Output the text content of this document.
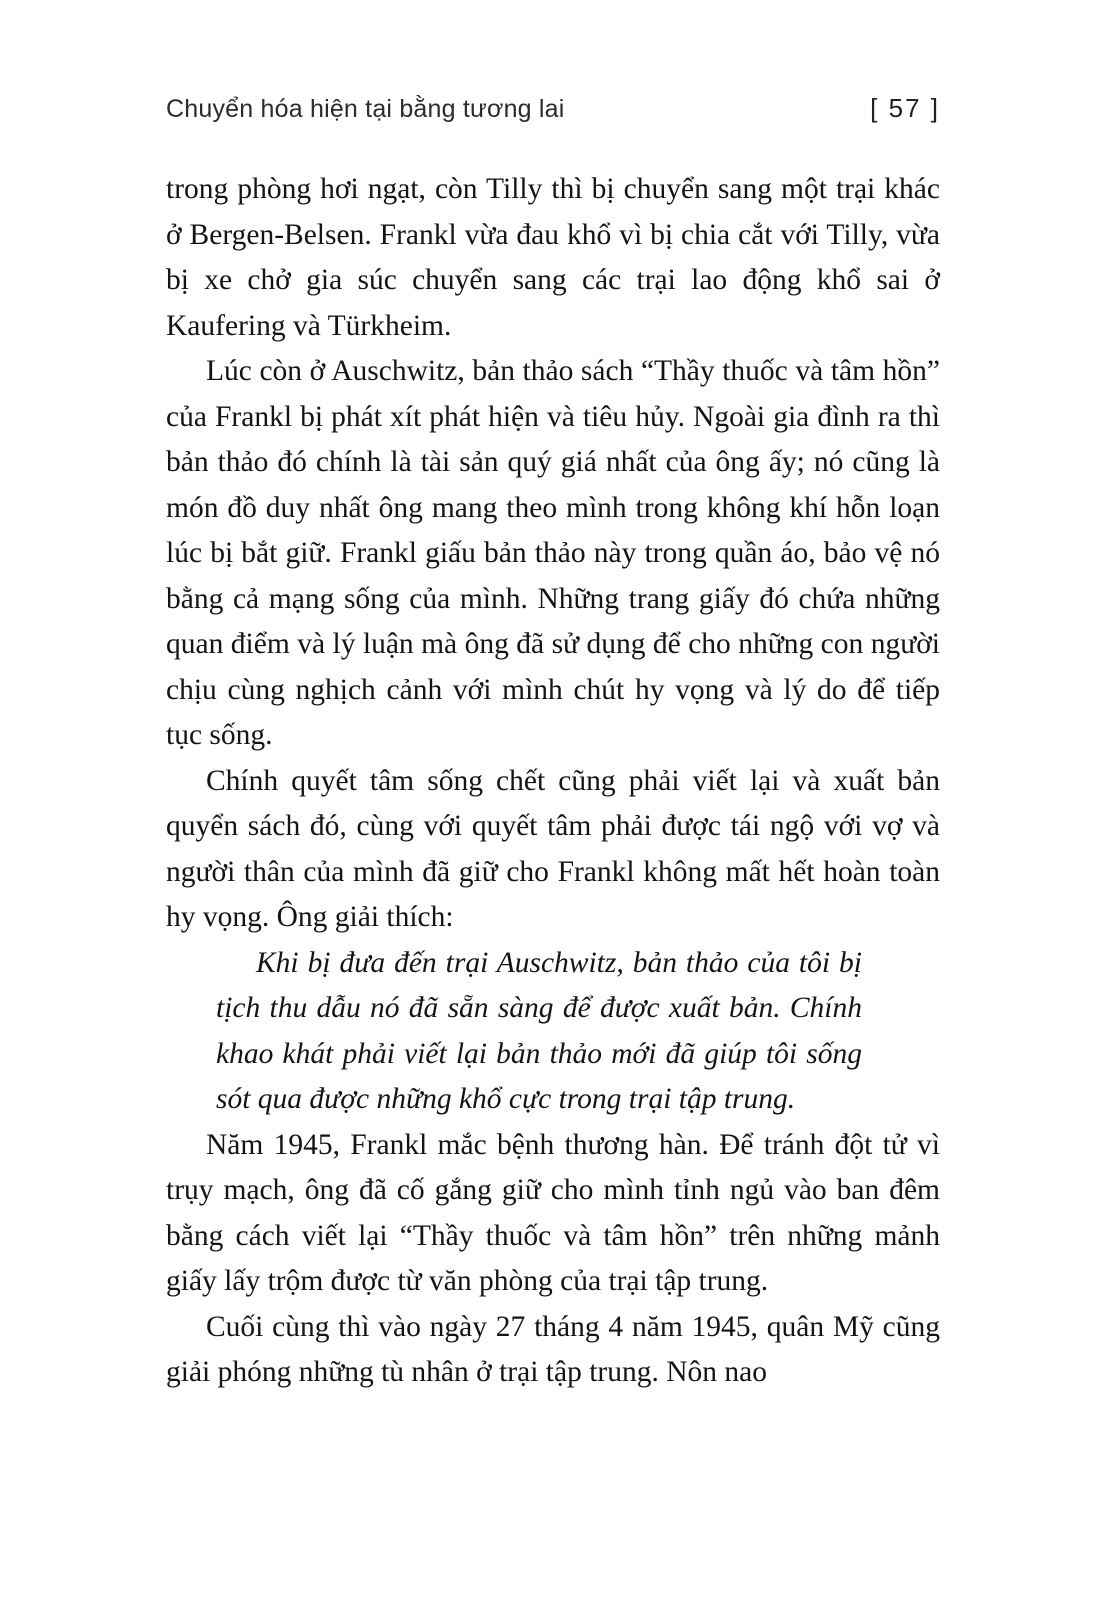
Chuyển hóa hiện tại bằng tương lai	[ 57 ]

trong phòng hơi ngạt, còn Tilly thì bị chuyển sang một trại khác ở Bergen-Belsen. Frankl vừa đau khổ vì bị chia cắt với Tilly, vừa bị xe chở gia súc chuyển sang các trại lao động khổ sai ở Kaufering và Türkheim.

Lúc còn ở Auschwitz, bản thảo sách “Thầy thuốc và tâm hồn” của Frankl bị phát xít phát hiện và tiêu hủy. Ngoài gia đình ra thì bản thảo đó chính là tài sản quý giá nhất của ông ấy; nó cũng là món đồ duy nhất ông mang theo mình trong không khí hỗn loạn lúc bị bắt giữ. Frankl giấu bản thảo này trong quần áo, bảo vệ nó bằng cả mạng sống của mình. Những trang giấy đó chứa những quan điểm và lý luận mà ông đã sử dụng để cho những con người chịu cùng nghịch cảnh với mình chút hy vọng và lý do để tiếp tục sống.

Chính quyết tâm sống chết cũng phải viết lại và xuất bản quyển sách đó, cùng với quyết tâm phải được tái ngộ với vợ và người thân của mình đã giữ cho Frankl không mất hết hoàn toàn hy vọng. Ông giải thích:

Khi bị đưa đến trại Auschwitz, bản thảo của tôi bị tịch thu dẫu nó đã sẵn sàng để được xuất bản. Chính khao khát phải viết lại bản thảo mới đã giúp tôi sống sót qua được những khổ cực trong trại tập trung.

Năm 1945, Frankl mắc bệnh thương hàn. Để tránh đột tử vì trụy mạch, ông đã cố gắng giữ cho mình tỉnh ngủ vào ban đêm bằng cách viết lại “Thầy thuốc và tâm hồn” trên những mảnh giấy lấy trộm được từ văn phòng của trại tập trung.

Cuối cùng thì vào ngày 27 tháng 4 năm 1945, quân Mỹ cũng giải phóng những tù nhân ở trại tập trung. Nôn nao
